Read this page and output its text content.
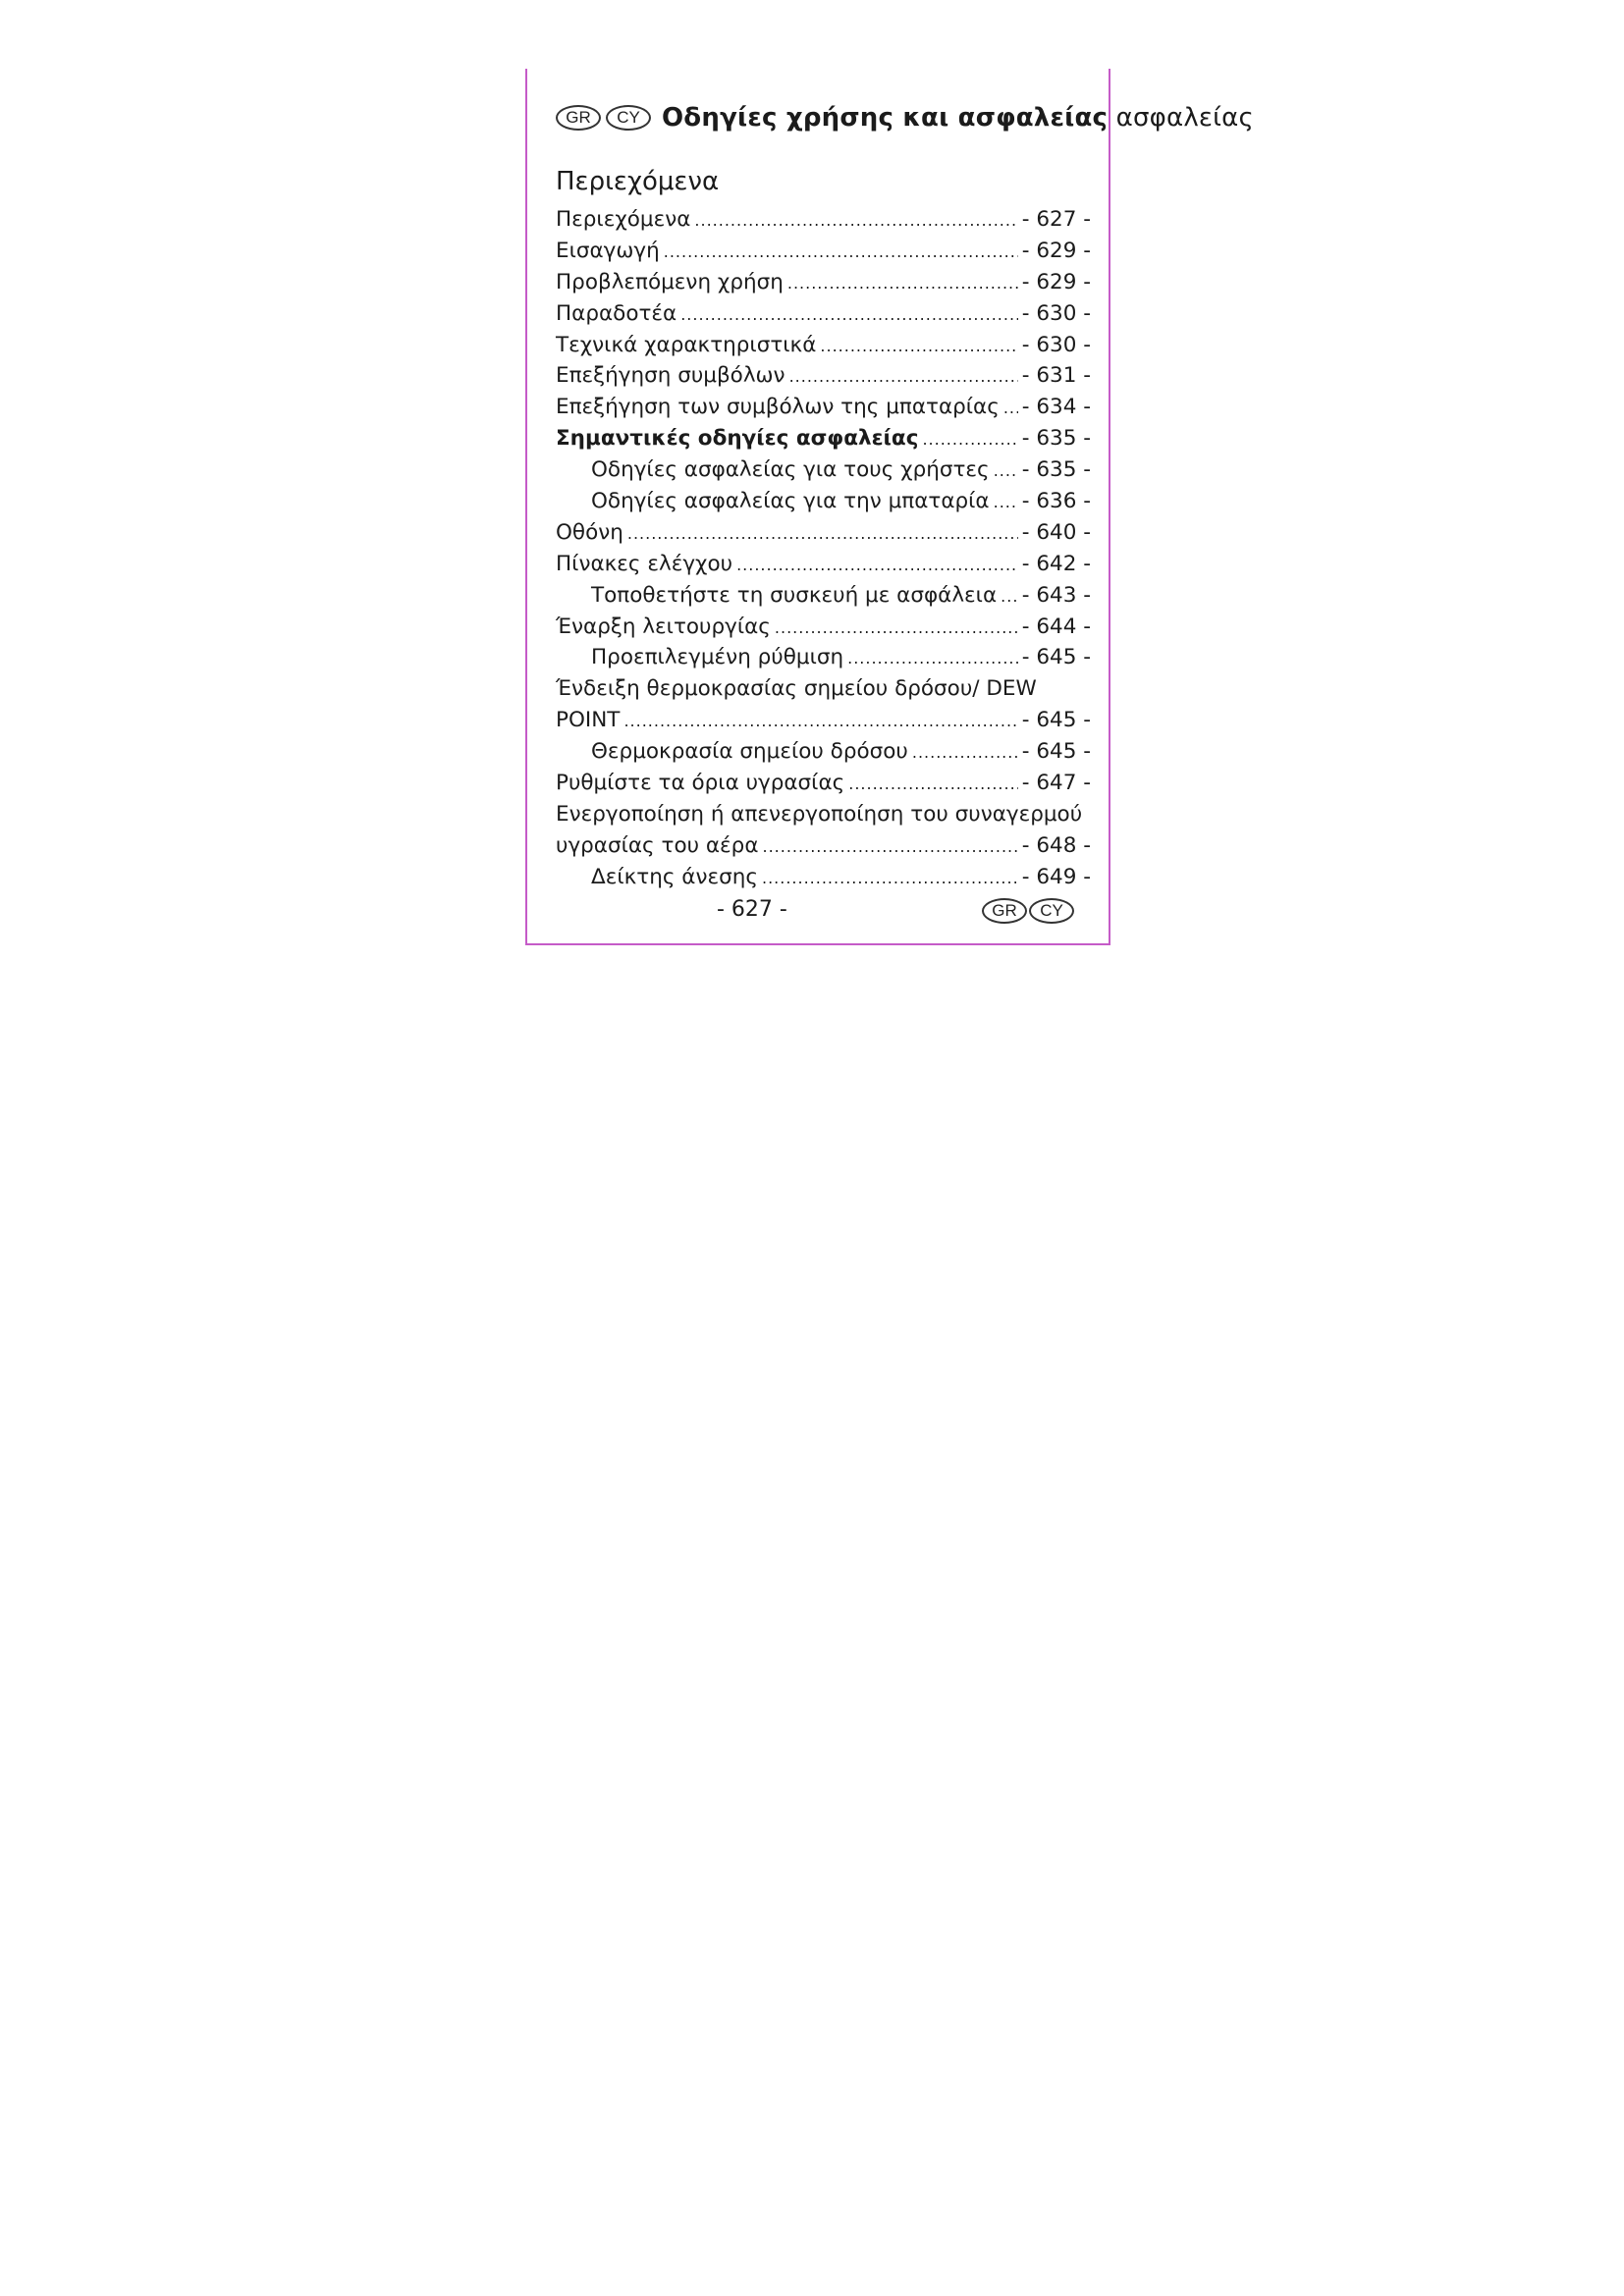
GR	CY Οδηγίες χρήσης και ασφαλείας ασφαλείας
Περιεχόμενα
Περιεχόμενα .....	- 627 -
Εισαγωγή .....	- 629 -
Προβλεπόμενη χρήση .....	- 629 -
Παραδοτέα .....	- 630 -
Τεχνικά χαρακτηριστικά .....	- 630 -
Επεξήγηση συμβόλων .....	- 631 -
Επεξήγηση των συμβόλων της μπαταρίας ..... - 634 -
Σημαντικές οδηγίες ασφαλείας .....	- 635 -
Οδηγίες ασφαλείας για τους χρήστες ..... - 635 -
Οδηγίες ασφαλείας για την μπαταρία ..... - 636 -
Οθόνη .....	- 640 -
Πίνακες ελέγχου .....	- 642 -
Τοποθετήστε τη συσκευή με ασφάλεια ..... - 643 -
Έναρξη λειτουργίας .....	- 644 -
Προεπιλεγμένη ρύθμιση .....	- 645 -
Ένδειξη θερμοκρασίας σημείου δρόσου/ DEW
POINT .....	- 645 -
Θερμοκρασία σημείου δρόσου .....	- 645 -
Ρυθμίστε τα όρια υγρασίας .....	- 647 -
Ενεργοποίηση ή απενεργοποίηση του συναγερμού
υγρασίας του αέρα .....	- 648 -
Δείκτης άνεσης .....	- 649 -
- 627 -	GR	CY
